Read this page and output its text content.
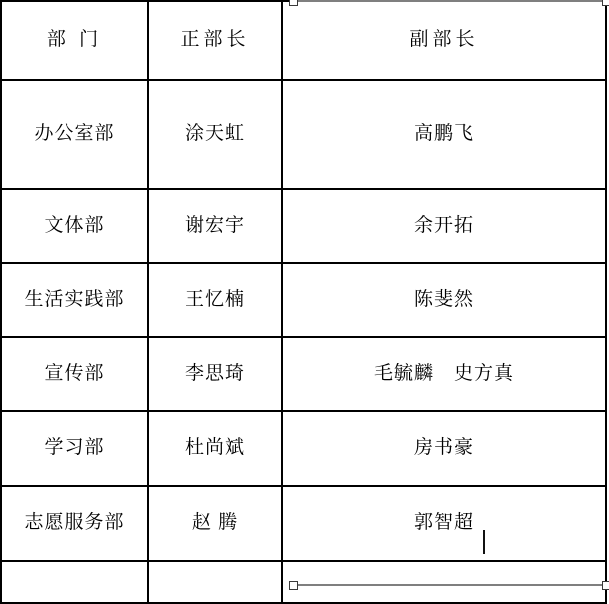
部 门	正部长	副部长

办公室部	涂天虹	高鹏飞

文体部	谢宏宇	余开拓

生活实践部	王忆楠	陈斐然

宣传部	李思琦	毛毓麟　史方真

学习部	杜尚斌	房书豪

志愿服务部	赵 腾	郭智超
